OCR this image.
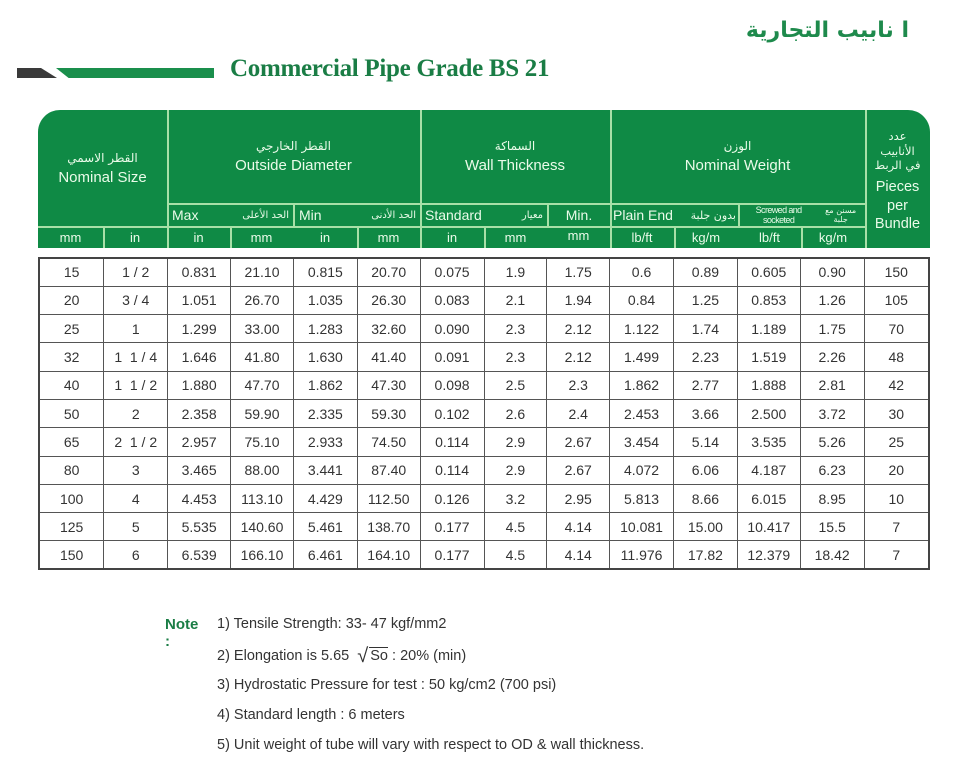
ا نابيب التجارية
Commercial Pipe Grade BS 21
القطر الاسمي
Nominal Size
القطر الخارجي
Outside Diameter
السماكة
Wall Thickness
الوزن
Nominal Weight
عدد الأنابيب في الربط
Pieces per Bundle
Max	الحد الأعلى Min	الحد الأدنى Standard	معيار	Min.	Plain End بدون جلبة	Screwed and socketed
مسنن مع جلبة
mm	in	in	mm	in	mm	in	mm	mm	lb/ft	kg/m	lb/ft	kg/m
15	1 / 2	0.831	21.10	0.815	20.70	0.075	1.9	1.75	0.6	0.89	0.605	0.90	150
20	3 / 4	1.051	26.70	1.035	26.30	0.083	2.1	1.94	0.84	1.25	0.853	1.26	105
25	1	1.299	33.00	1.283	32.60	0.090	2.3	2.12	1.122	1.74	1.189	1.75	70
32	1  1 / 4	1.646	41.80	1.630	41.40	0.091	2.3	2.12	1.499	2.23	1.519	2.26	48
40	1  1 / 2	1.880	47.70	1.862	47.30	0.098	2.5	2.3	1.862	2.77	1.888	2.81	42
50	2	2.358	59.90	2.335	59.30	0.102	2.6	2.4	2.453	3.66	2.500	3.72	30
65	2  1 / 2	2.957	75.10	2.933	74.50	0.114	2.9	2.67	3.454	5.14	3.535	5.26	25
80	3	3.465	88.00	3.441	87.40	0.114	2.9	2.67	4.072	6.06	4.187	6.23	20
100	4	4.453	113.10	4.429	112.50	0.126	3.2	2.95	5.813	8.66	6.015	8.95	10
125	5	5.535	140.60	5.461	138.70	0.177	4.5	4.14	10.081	15.00	10.417	15.5	7
150	6	6.539	166.10	6.461	164.10	0.177	4.5	4.14	11.976	17.82	12.379	18.42	7
Note :
1) Tensile Strength: 33- 47 kgf/mm2
2) Elongation is 5.65 √ So : 20% (min)
3) Hydrostatic Pressure for test : 50 kg/cm2 (700 psi)
4) Standard length : 6 meters
5) Unit weight of tube will vary with respect to OD & wall thickness.
